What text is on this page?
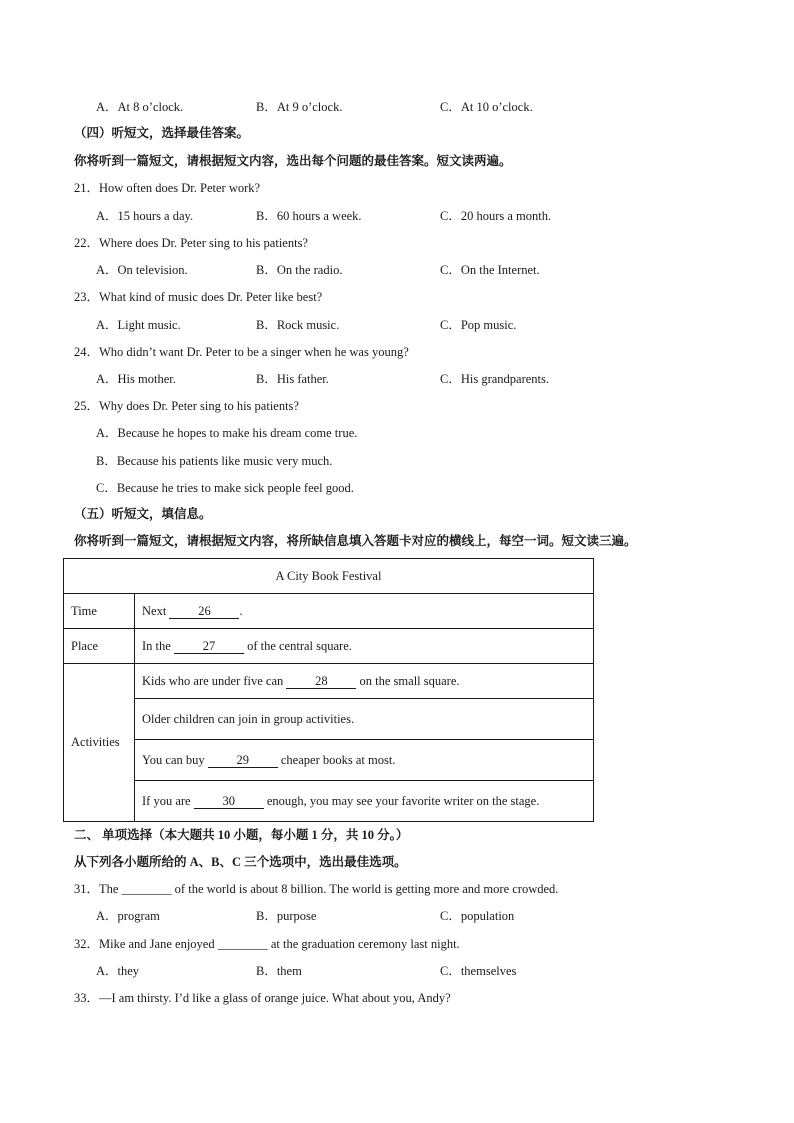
A．At 8 o’clock.	B．At 9 o’clock.	C．At 10 o’clock.
（四）听短文，选择最佳答案。
你将听到一篇短文，请根据短文内容，选出每个问题的最佳答案。短文读两遍。
21．How often does Dr. Peter work?
A．15 hours a day.	B．60 hours a week.	C．20 hours a month.
22．Where does Dr. Peter sing to his patients?
A．On television.	B．On the radio.	C．On the Internet.
23．What kind of music does Dr. Peter like best?
A．Light music.	B．Rock music.	C．Pop music.
24．Who didn’t want Dr. Peter to be a singer when he was young?
A．His mother.	B．His father.	C．His grandparents.
25．Why does Dr. Peter sing to his patients?
A．Because he hopes to make his dream come true.
B．Because his patients like music very much.
C．Because he tries to make sick people feel good.
（五）听短文，填信息。
你将听到一篇短文，请根据短文内容，将所缺信息填入答题卡对应的横线上，每空一词。短文读三遍。
A City Book Festival	
Time	Next 26 .
Place	In the 27 of the central square.
Activities	Kids who are under five can 28 on the small square.
	Older children can join in group activities.
	You can buy 29 cheaper books at most.
	If you are 30 enough, you may see your favorite writer on the stage.
二、 单项选择（本大题共 10 小题，每小题 1 分，共 10 分。）
从下列各小题所给的 A、B、C 三个选项中，选出最佳选项。
31．The ________ of the world is about 8 billion. The world is getting more and more crowded.
A．program	B．purpose	C．population
32．Mike and Jane enjoyed ________ at the graduation ceremony last night.
A．they	B．them	C．themselves
33．—I am thirsty. I’d like a glass of orange juice. What about you, Andy?
